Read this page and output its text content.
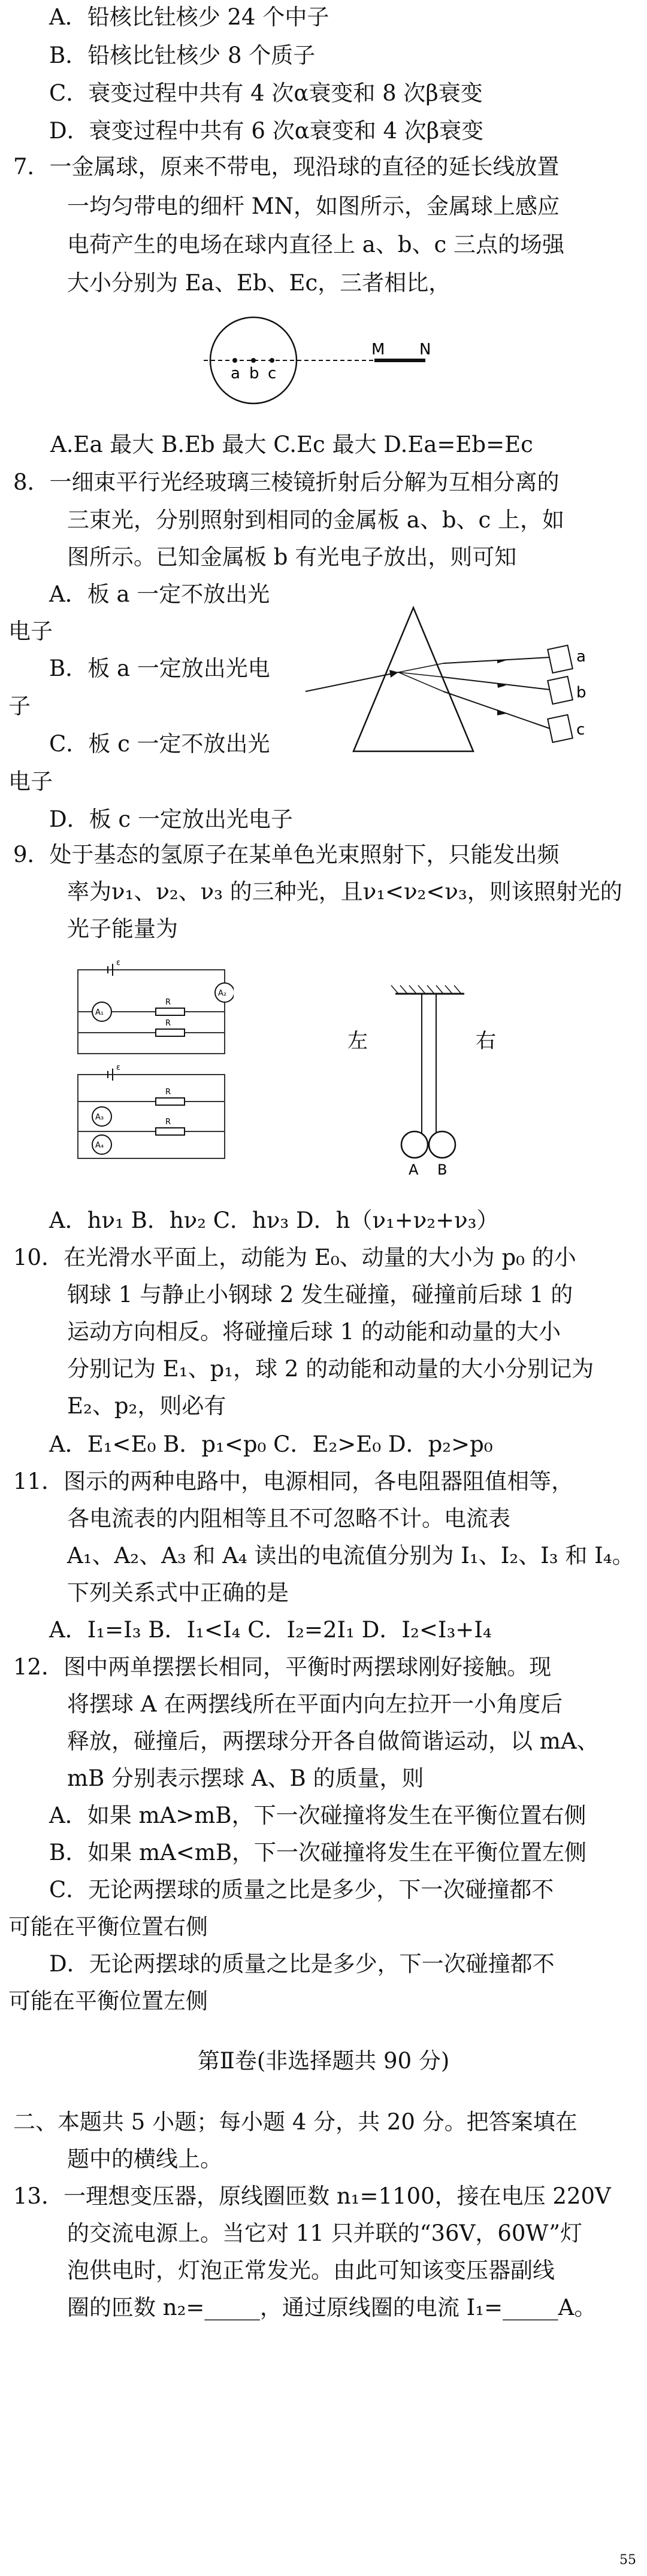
A．铅核比钍核少 24 个中子
B．铅核比钍核少 8 个质子
C．衰变过程中共有 4 次α衰变和 8 次β衰变
D．衰变过程中共有 6 次α衰变和 4 次β衰变
7．一金属球，原来不带电，现沿球的直径的延长线放置
一均匀带电的细杆 MN，如图所示，金属球上感应
电荷产生的电场在球内直径上 a、b、c 三点的场强
大小分别为 Ea、Eb、Ec，三者相比，
a b c
M N
A.Ea 最大 B.Eb 最大 C.Ec 最大 D.Ea=Eb=Ec
8．一细束平行光经玻璃三棱镜折射后分解为互相分离的
三束光，分别照射到相同的金属板 a、b、c 上，如
图所示。已知金属板 b 有光电子放出，则可知
A．板 a 一定不放出光
电子
B．板 a 一定放出光电
子
C．板 c 一定不放出光
电子
D．板 c 一定放出光电子
a
b
c
9．处于基态的氢原子在某单色光束照射下，只能发出频
率为ν₁、ν₂、ν₃ 的三种光，且ν₁<ν₂<ν₃，则该照射光的
光子能量为
ε
A₁
R
R
A₂
ε
R
R
A₃
A₄
左	右
A B
A．hν₁ B．hν₂ C．hν₃ D．h（ν₁+ν₂+ν₃）
10．在光滑水平面上，动能为 E₀、动量的大小为 p₀ 的小
钢球 1 与静止小钢球 2 发生碰撞，碰撞前后球 1 的
运动方向相反。将碰撞后球 1 的动能和动量的大小
分别记为 E₁、p₁，球 2 的动能和动量的大小分别记为
E₂、p₂，则必有
A．E₁<E₀ B．p₁<p₀ C．E₂>E₀ D．p₂>p₀
11．图示的两种电路中，电源相同，各电阻器阻值相等，
各电流表的内阻相等且不可忽略不计。电流表
A₁、A₂、A₃ 和 A₄ 读出的电流值分别为 I₁、I₂、I₃ 和 I₄。
下列关系式中正确的是
A．I₁=I₃ B．I₁<I₄ C．I₂=2I₁ D．I₂<I₃+I₄
12．图中两单摆摆长相同，平衡时两摆球刚好接触。现
将摆球 A 在两摆线所在平面内向左拉开一小角度后
释放，碰撞后，两摆球分开各自做简谐运动，以 mA、
mB 分别表示摆球 A、B 的质量，则
A．如果 mA>mB，下一次碰撞将发生在平衡位置右侧
B．如果 mA<mB，下一次碰撞将发生在平衡位置左侧
C．无论两摆球的质量之比是多少，下一次碰撞都不
可能在平衡位置右侧
D．无论两摆球的质量之比是多少，下一次碰撞都不
可能在平衡位置左侧
第Ⅱ卷(非选择题共 90 分)
二、本题共 5 小题；每小题 4 分，共 20 分。把答案填在
题中的横线上。
13．一理想变压器，原线圈匝数 n₁=1100，接在电压 220V
的交流电源上。当它对 11 只并联的“36V，60W”灯
泡供电时，灯泡正常发光。由此可知该变压器副线
圈的匝数 n₂=_____，通过原线圈的电流 I₁=_____A。
55
